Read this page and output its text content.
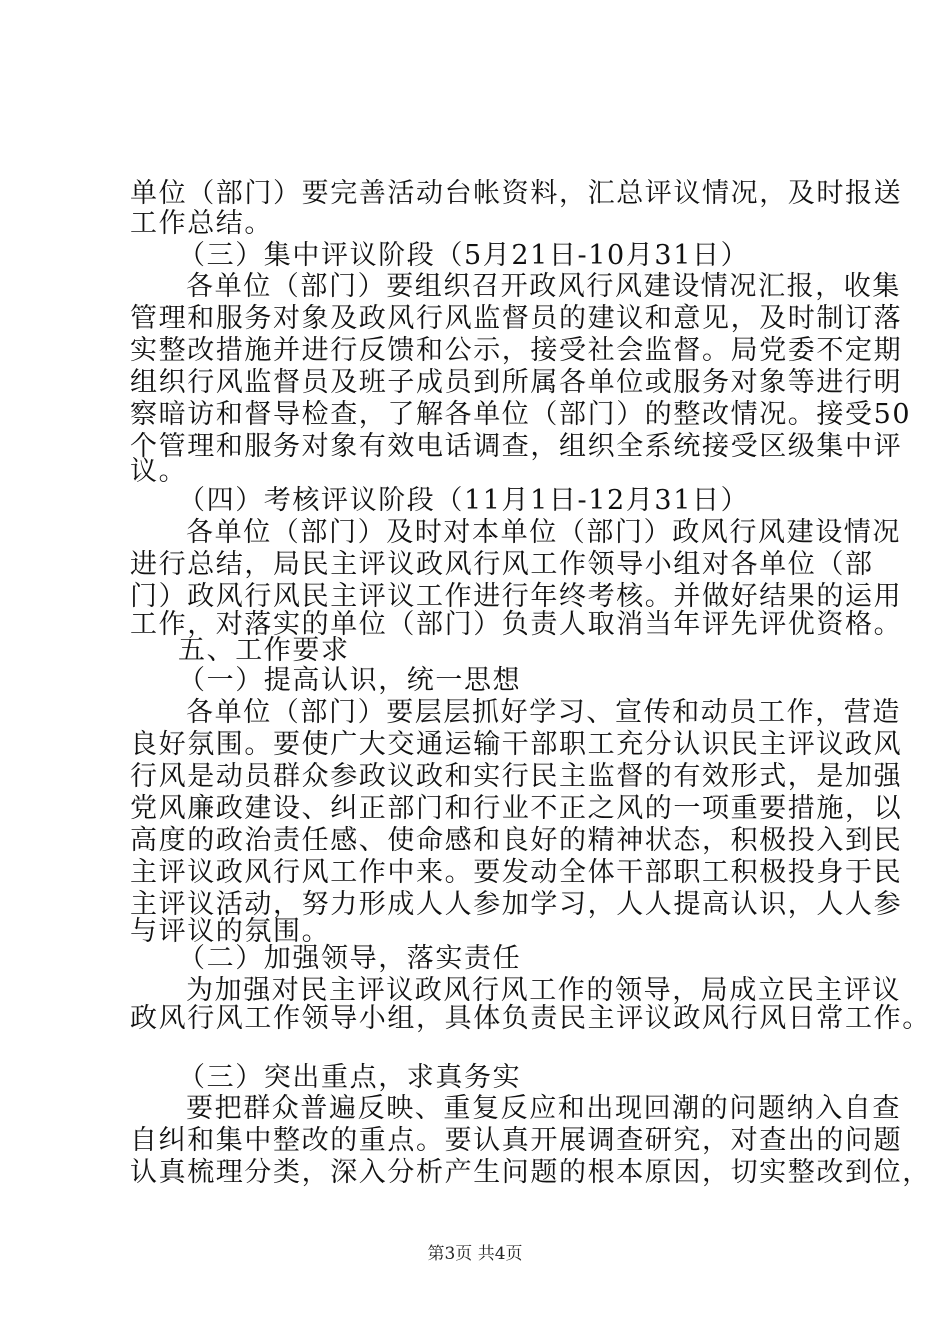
单位（部门）要完善活动台帐资料，汇总评议情况，及时报送
工作总结。
（三）集中评议阶段（5月21日-10月31日）
各单位（部门）要组织召开政风行风建设情况汇报，收集
管理和服务对象及政风行风监督员的建议和意见，及时制订落
实整改措施并进行反馈和公示，接受社会监督。局党委不定期
组织行风监督员及班子成员到所属各单位或服务对象等进行明
察暗访和督导检查，了解各单位（部门）的整改情况。接受50
个管理和服务对象有效电话调查，组织全系统接受区级集中评
议。
（四）考核评议阶段（11月1日-12月31日）
各单位（部门）及时对本单位（部门）政风行风建设情况
进行总结，局民主评议政风行风工作领导小组对各单位（部
门）政风行风民主评议工作进行年终考核。并做好结果的运用
工作，对落实的单位（部门）负责人取消当年评先评优资格。
五、工作要求
（一）提高认识，统一思想
各单位（部门）要层层抓好学习、宣传和动员工作，营造
良好氛围。要使广大交通运输干部职工充分认识民主评议政风
行风是动员群众参政议政和实行民主监督的有效形式，是加强
党风廉政建设、纠正部门和行业不正之风的一项重要措施，以
高度的政治责任感、使命感和良好的精神状态，积极投入到民
主评议政风行风工作中来。要发动全体干部职工积极投身于民
主评议活动，努力形成人人参加学习，人人提高认识，人人参
与评议的氛围。
（二）加强领导，落实责任
为加强对民主评议政风行风工作的领导，局成立民主评议
政风行风工作领导小组，具体负责民主评议政风行风日常工作。
（三）突出重点，求真务实
要把群众普遍反映、重复反应和出现回潮的问题纳入自查
自纠和集中整改的重点。要认真开展调查研究，对查出的问题
认真梳理分类，深入分析产生问题的根本原因，切实整改到位，
第3页 共4页
